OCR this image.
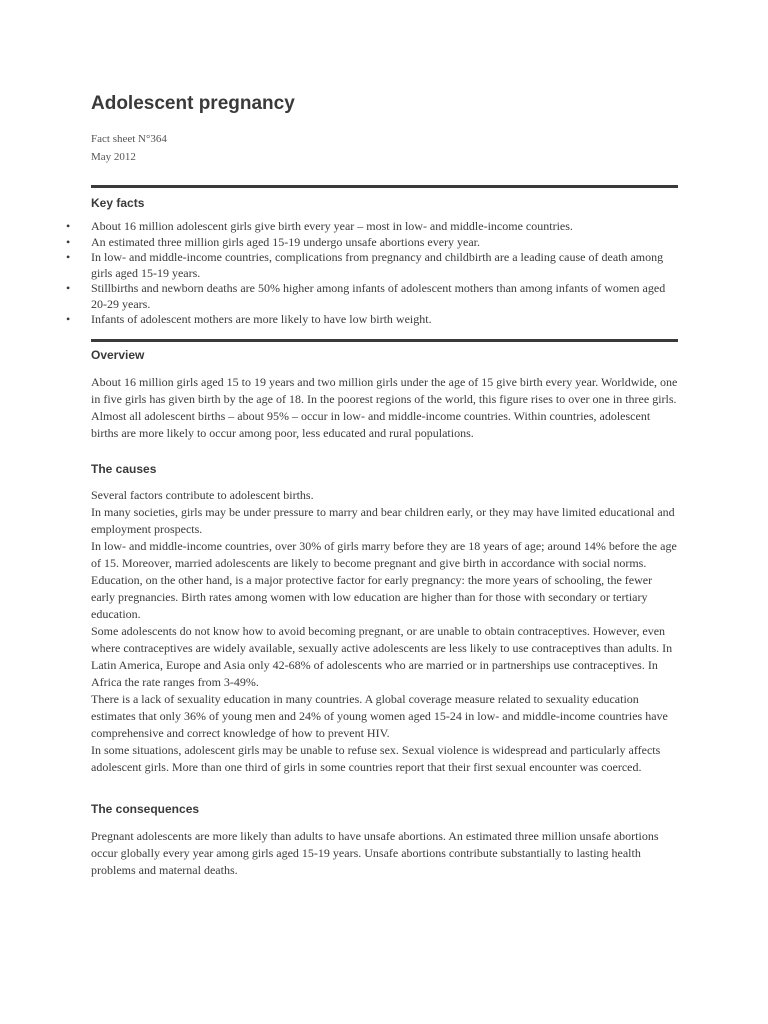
Adolescent pregnancy
Fact sheet N°364
May 2012
Key facts
• About 16 million adolescent girls give birth every year – most in low- and middle-income countries.
• An estimated three million girls aged 15-19 undergo unsafe abortions every year.
• In low- and middle-income countries, complications from pregnancy and childbirth are a leading cause of death among girls aged 15-19 years.
• Stillbirths and newborn deaths are 50% higher among infants of adolescent mothers than among infants of women aged 20-29 years.
• Infants of adolescent mothers are more likely to have low birth weight.
Overview

About 16 million girls aged 15 to 19 years and two million girls under the age of 15 give birth every year. Worldwide, one in five girls has given birth by the age of 18. In the poorest regions of the world, this figure rises to over one in three girls.

Almost all adolescent births – about 95% – occur in low- and middle-income countries. Within countries, adolescent births are more likely to occur among poor, less educated and rural populations.

The causes

Several factors contribute to adolescent births.

In many societies, girls may be under pressure to marry and bear children early, or they may have limited educational and employment prospects.

In low- and middle-income countries, over 30% of girls marry before they are 18 years of age; around 14% before the age of 15. Moreover, married adolescents are likely to become pregnant and give birth in accordance with social norms. Education, on the other hand, is a major protective factor for early pregnancy: the more years of schooling, the fewer early pregnancies. Birth rates among women with low education are higher than for those with secondary or tertiary education.

Some adolescents do not know how to avoid becoming pregnant, or are unable to obtain contraceptives. However, even where contraceptives are widely available, sexually active adolescents are less likely to use contraceptives than adults. In Latin America, Europe and Asia only 42-68% of adolescents who are married or in partnerships use contraceptives. In Africa the rate ranges from 3-49%.

There is a lack of sexuality education in many countries. A global coverage measure related to sexuality education estimates that only 36% of young men and 24% of young women aged 15-24 in low- and middle-income countries have comprehensive and correct knowledge of how to prevent HIV.

In some situations, adolescent girls may be unable to refuse sex. Sexual violence is widespread and particularly affects adolescent girls. More than one third of girls in some countries report that their first sexual encounter was coerced.

The consequences

Pregnant adolescents are more likely than adults to have unsafe abortions. An estimated three million unsafe abortions occur globally every year among girls aged 15-19 years. Unsafe abortions contribute substantially to lasting health problems and maternal deaths.
